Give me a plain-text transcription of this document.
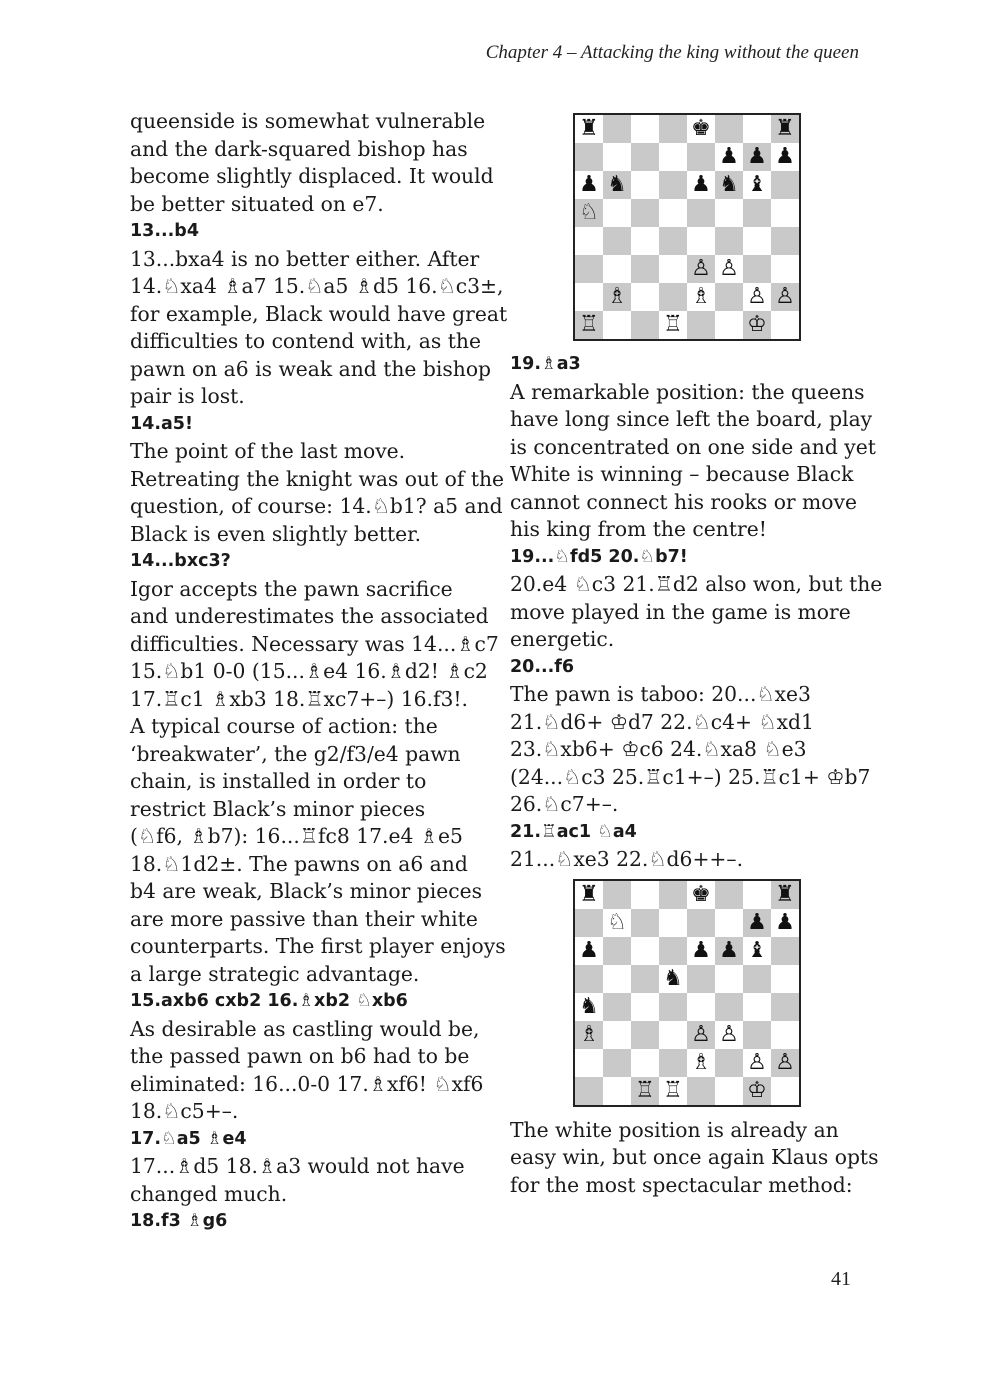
Chapter 4 – Attacking the king without the queen
queenside is somewhat vulnerable
and the dark-squared bishop has
become slightly displaced. It would
be better situated on e7.
13...b4
13...bxa4 is no better either. After
14.♘xa4 ♗a7 15.♘a5 ♗d5 16.♘c3±,
for example, Black would have great
difficulties to contend with, as the
pawn on a6 is weak and the bishop
pair is lost.
14.a5!
The point of the last move.
Retreating the knight was out of the
question, of course: 14.♘b1? a5 and
Black is even slightly better.
14...bxc3?
Igor accepts the pawn sacrifice
and underestimates the associated
difficulties. Necessary was 14...♗c7
15.♘b1 0-0 (15...♗e4 16.♗d2! ♗c2
17.♖c1 ♗xb3 18.♖xc7+–) 16.f3!.
A typical course of action: the
‘breakwater’, the g2/f3/e4 pawn
chain, is installed in order to
restrict Black’s minor pieces
(♘f6, ♗b7): 16...♖fc8 17.e4 ♗e5
18.♘1d2±. The pawns on a6 and
b4 are weak, Black’s minor pieces
are more passive than their white
counterparts. The first player enjoys
a large strategic advantage.
15.axb6 cxb2 16.♗xb2 ♘xb6
As desirable as castling would be,
the passed pawn on b6 had to be
eliminated: 16...0-0 17.♗xf6! ♘xf6
18.♘c5+–.
17.♘a5 ♗e4
17...♗d5 18.♗a3 would not have
changed much.
18.f3 ♗g6
♜	♚	♜
♟ ♟ ♟
♟ ♞	♟ ♞ ♝
♘
♙ ♙
♗	♗ ♙ ♙
♖	♖	♔
19.♗a3
A remarkable position: the queens
have long since left the board, play
is concentrated on one side and yet
White is winning – because Black
cannot connect his rooks or move
his king from the centre!
19...♘fd5 20.♘b7!
20.e4 ♘c3 21.♖d2 also won, but the
move played in the game is more
energetic.
20...f6
The pawn is taboo: 20...♘xe3
21.♘d6+ ♔d7 22.♘c4+ ♘xd1
23.♘xb6+ ♔c6 24.♘xa8 ♘e3
(24...♘c3 25.♖c1+–) 25.♖c1+ ♔b7
26.♘c7+–.
21.♖ac1 ♘a4
21...♘xe3 22.♘d6++–.
♜	♚	♜
♘	♟ ♟
♟	♟ ♟ ♝
♞
♞
♗	♙ ♙
♗ ♙ ♙
♖ ♖	♔
The white position is already an
easy win, but once again Klaus opts
for the most spectacular method:
41
